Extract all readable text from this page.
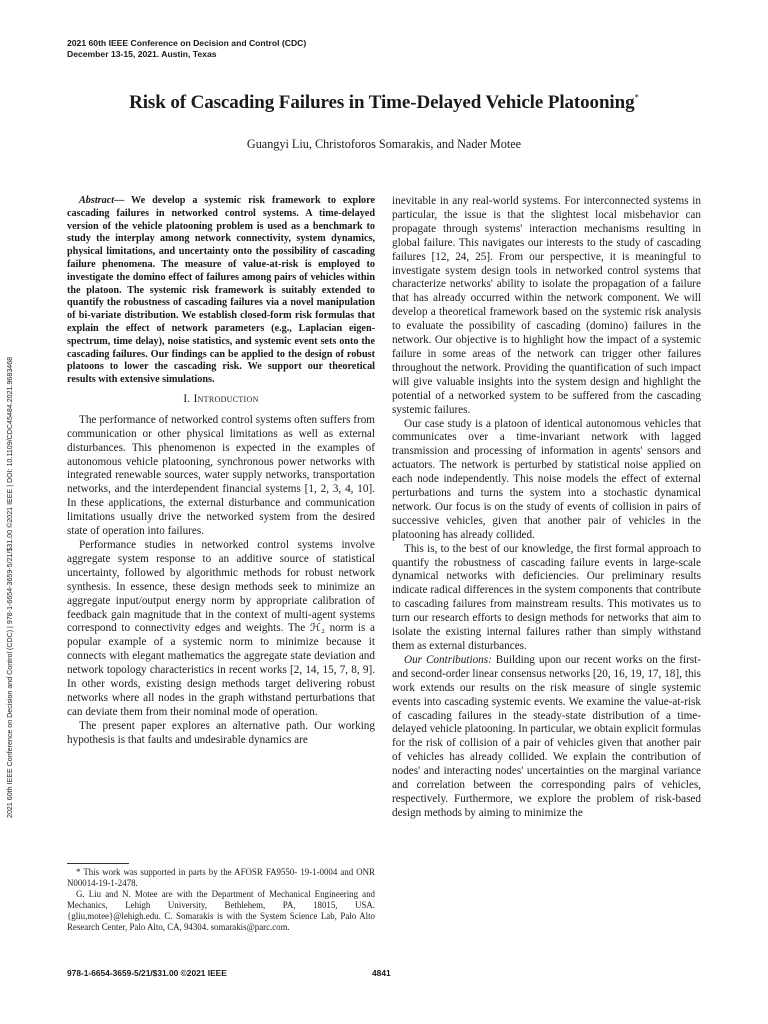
2021 60th IEEE Conference on Decision and Control (CDC)
December 13-15, 2021. Austin, Texas
Risk of Cascading Failures in Time-Delayed Vehicle Platooning*
Guangyi Liu, Christoforos Somarakis, and Nader Motee
2021 60th IEEE Conference on Decision and Control (CDC) | 978-1-6654-3659-5/21/$31.00 ©2021 IEEE | DOI: 10.1109/CDC45484.2021.9683468

Abstract— We develop a systemic risk framework to explore cascading failures in networked control systems. A time-delayed version of the vehicle platooning problem is used as a benchmark to study the interplay among network connectivity, system dynamics, physical limitations, and uncertainty onto the possibility of cascading failure phenomena. The measure of value-at-risk is employed to investigate the domino effect of failures among pairs of vehicles within the platoon. The systemic risk framework is suitably extended to quantify the robustness of cascading failures via a novel manipulation of bi-variate distribution. We establish closed-form risk formulas that explain the effect of network parameters (e.g., Laplacian eigen-spectrum, time delay), noise statistics, and systemic event sets onto the cascading failures. Our findings can be applied to the design of robust platoons to lower the cascading risk. We support our theoretical results with extensive simulations.

I. Introduction

The performance of networked control systems often suffers from communication or other physical limitations as well as external disturbances. This phenomenon is expected in the examples of autonomous vehicle platooning, synchronous power networks with integrated renewable sources, water supply networks, transportation networks, and the interdependent financial systems [1, 2, 3, 4, 10]. In these applications, the external disturbance and communication limitations usually drive the networked system from the desired state of operation into failures.

Performance studies in networked control systems involve aggregate system response to an additive source of statistical uncertainty, followed by algorithmic methods for robust network synthesis. In essence, these design methods seek to minimize an aggregate input/output energy norm by appropriate calibration of feedback gain magnitude that in the context of multi-agent systems correspond to connectivity edges and weights. The ℋ₂ norm is a popular example of a systemic norm to minimize because it connects with elegant mathematics the aggregate state deviation and network topology characteristics in recent works [2, 14, 15, 7, 8, 9]. In other words, existing design methods target delivering robust networks where all nodes in the graph withstand perturbations that can deviate them from their nominal mode of operation.

The present paper explores an alternative path. Our working hypothesis is that faults and undesirable dynamics are

* This work was supported in parts by the AFOSR FA9550- 19-1-0004 and ONR N00014-19-1-2478.

G. Liu and N. Motee are with the Department of Mechanical Engineering and Mechanics, Lehigh University, Bethlehem, PA, 18015, USA. {gliu,motee}@lehigh.edu. C. Somarakis is with the System Science Lab, Palo Alto Research Center, Palo Alto, CA, 94304. somarakis@parc.com.

inevitable in any real-world systems. For interconnected systems in particular, the issue is that the slightest local misbehavior can propagate through systems' interaction mechanisms resulting in global failure. This navigates our interests to the study of cascading failures [12, 24, 25]. From our perspective, it is meaningful to investigate system design tools in networked control systems that characterize networks' ability to isolate the propagation of a failure that has already occurred within the network component. We will develop a theoretical framework based on the systemic risk analysis to evaluate the possibility of cascading (domino) failures in the network. Our objective is to highlight how the impact of a systemic failure in some areas of the network can trigger other failures throughout the network. Providing the quantification of such impact will give valuable insights into the system design and highlight the potential of a networked system to be suffered from the cascading systemic failures.

Our case study is a platoon of identical autonomous vehicles that communicates over a time-invariant network with lagged transmission and processing of information in agents' sensors and actuators. The network is perturbed by statistical noise applied on each node independently. This noise models the effect of external perturbations and turns the system into a stochastic dynamical network. Our focus is on the study of events of collision in pairs of successive vehicles, given that another pair of vehicles in the platooning has already collided.

This is, to the best of our knowledge, the first formal approach to quantify the robustness of cascading failure events in large-scale dynamical networks with deficiencies. Our preliminary results indicate radical differences in the system components that contribute to cascading failures from mainstream results. This motivates us to turn our research efforts to design methods for networks that aim to isolate the existing internal failures rather than simply withstand them as external disturbances.

Our Contributions: Building upon our recent works on the first- and second-order linear consensus networks [20, 16, 19, 17, 18], this work extends our results on the risk measure of single systemic events into cascading systemic events. We examine the value-at-risk of cascading failures in the steady-state distribution of a time-delayed vehicle platooning. In particular, we obtain explicit formulas for the risk of collision of a pair of vehicles given that another pair of vehicles has already collided. We explain the contribution of nodes' and interacting nodes' uncertainties on the marginal variance and correlation between the corresponding pairs of vehicles, respectively. Furthermore, we explore the problem of risk-based design methods by aiming to minimize the

978-1-6654-3659-5/21/$31.00 ©2021 IEEE	4841
